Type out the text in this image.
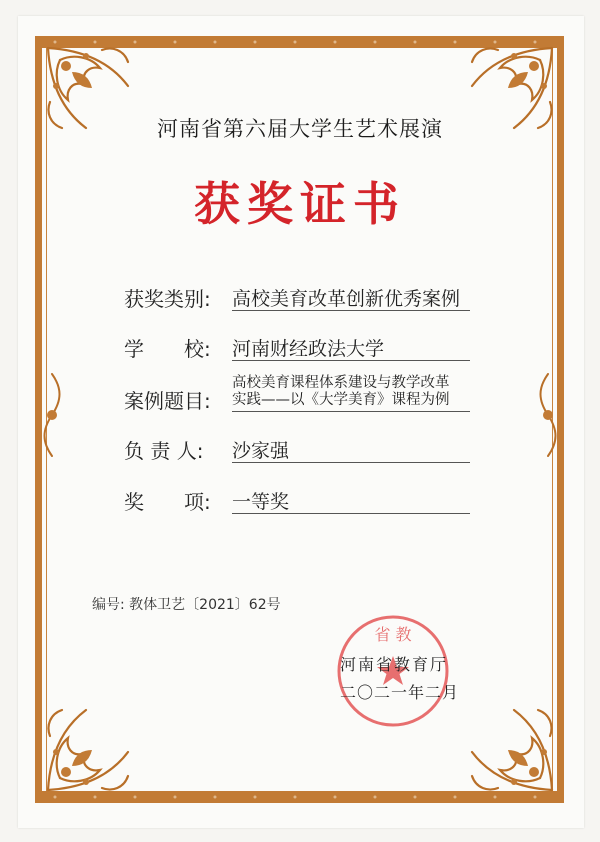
河南省第六届大学生艺术展演
获奖证书
获奖类别: 高校美育改革创新优秀案例
学　　校: 河南财经政法大学
案例题目:
高校美育课程体系建设与教学改革
实践——以《大学美育》课程为例
负 责 人: 沙家强
奖　　项: 一等奖
编号: 教体卫艺〔2021〕62号
省 教
河南省教育厅
二〇二一年二月
